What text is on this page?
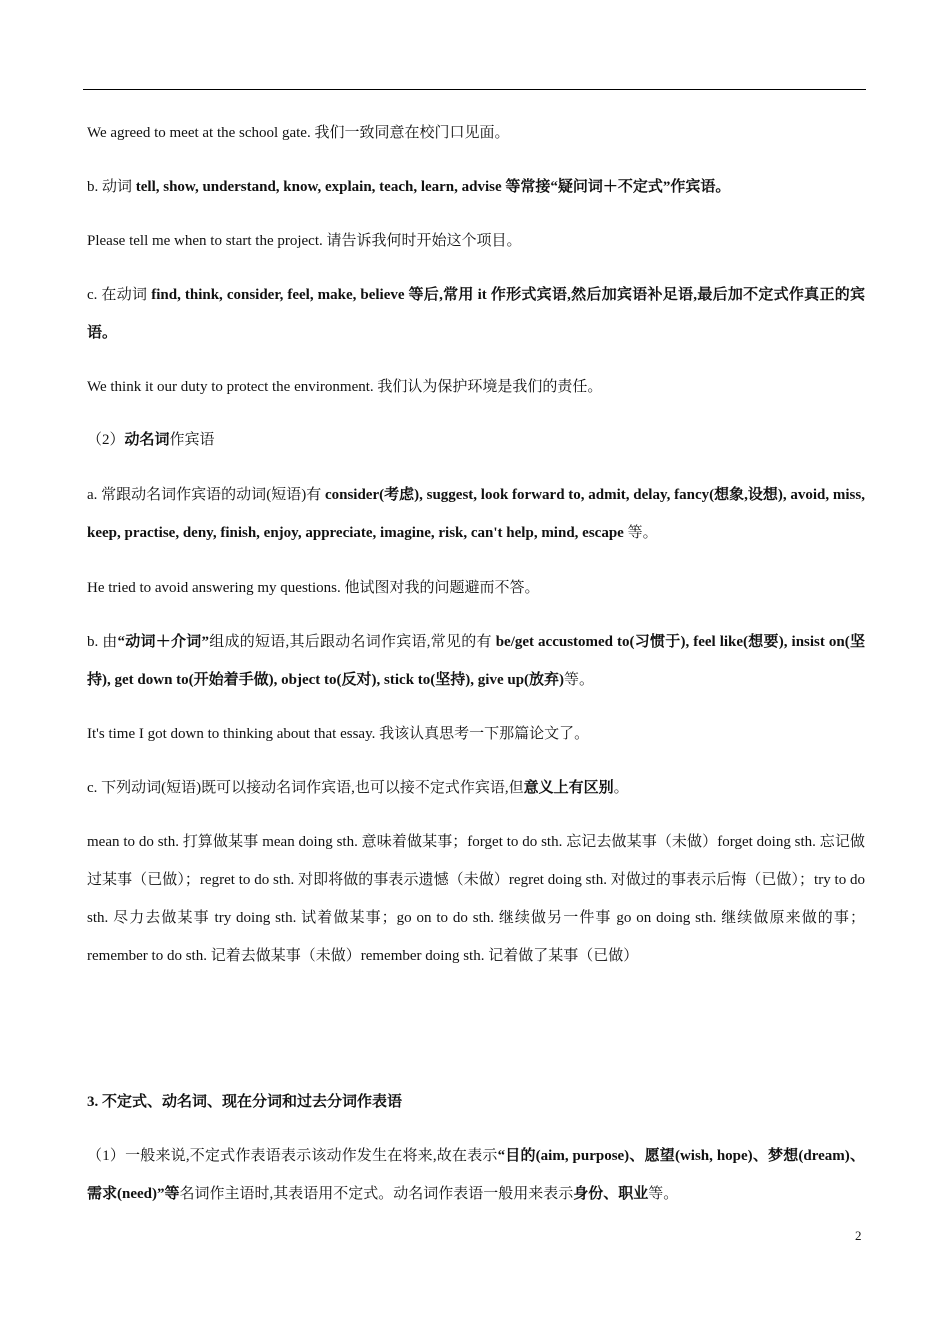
We agreed to meet at the school gate. 我们一致同意在校门口见面。

b. 动词 tell, show, understand, know, explain, teach, learn, advise 等常接“疑问词＋不定式”作宾语。

Please tell me when to start the project. 请告诉我何时开始这个项目。

c. 在动词 find, think, consider, feel, make, believe 等后,常用 it 作形式宾语,然后加宾语补足语,最后加不定式作真正的宾语。

We think it our duty to protect the environment. 我们认为保护环境是我们的责任。

（2）动名词作宾语

a. 常跟动名词作宾语的动词(短语)有 consider(考虑), suggest, look forward to, admit, delay, fancy(想象,设想), avoid, miss, keep, practise, deny, finish, enjoy, appreciate, imagine, risk, can't help, mind, escape 等。

He tried to avoid answering my questions. 他试图对我的问题避而不答。

b. 由“动词＋介词”组成的短语,其后跟动名词作宾语,常见的有 be/get accustomed to(习惯于), feel like(想要), insist on(坚持), get down to(开始着手做), object to(反对), stick to(坚持), give up(放弃)等。

It's time I got down to thinking about that essay. 我该认真思考一下那篇论文了。

c. 下列动词(短语)既可以接动名词作宾语,也可以接不定式作宾语,但意义上有区别。

mean to do sth. 打算做某事 mean doing sth. 意味着做某事；forget to do sth. 忘记去做某事（未做）forget doing sth. 忘记做过某事（已做）；regret to do sth. 对即将做的事表示遗憾（未做）regret doing sth. 对做过的事表示后悔（已做）；try to do sth. 尽力去做某事 try doing sth. 试着做某事；go on to do sth. 继续做另一件事 go on doing sth. 继续做原来做的事；remember to do sth. 记着去做某事（未做）remember doing sth. 记着做了某事（已做）

3. 不定式、动名词、现在分词和过去分词作表语

（1）一般来说,不定式作表语表示该动作发生在将来,故在表示“目的(aim, purpose)、愿望(wish, hope)、梦想(dream)、需求(need)”等名词作主语时,其表语用不定式。动名词作表语一般用来表示身份、职业等。

2
